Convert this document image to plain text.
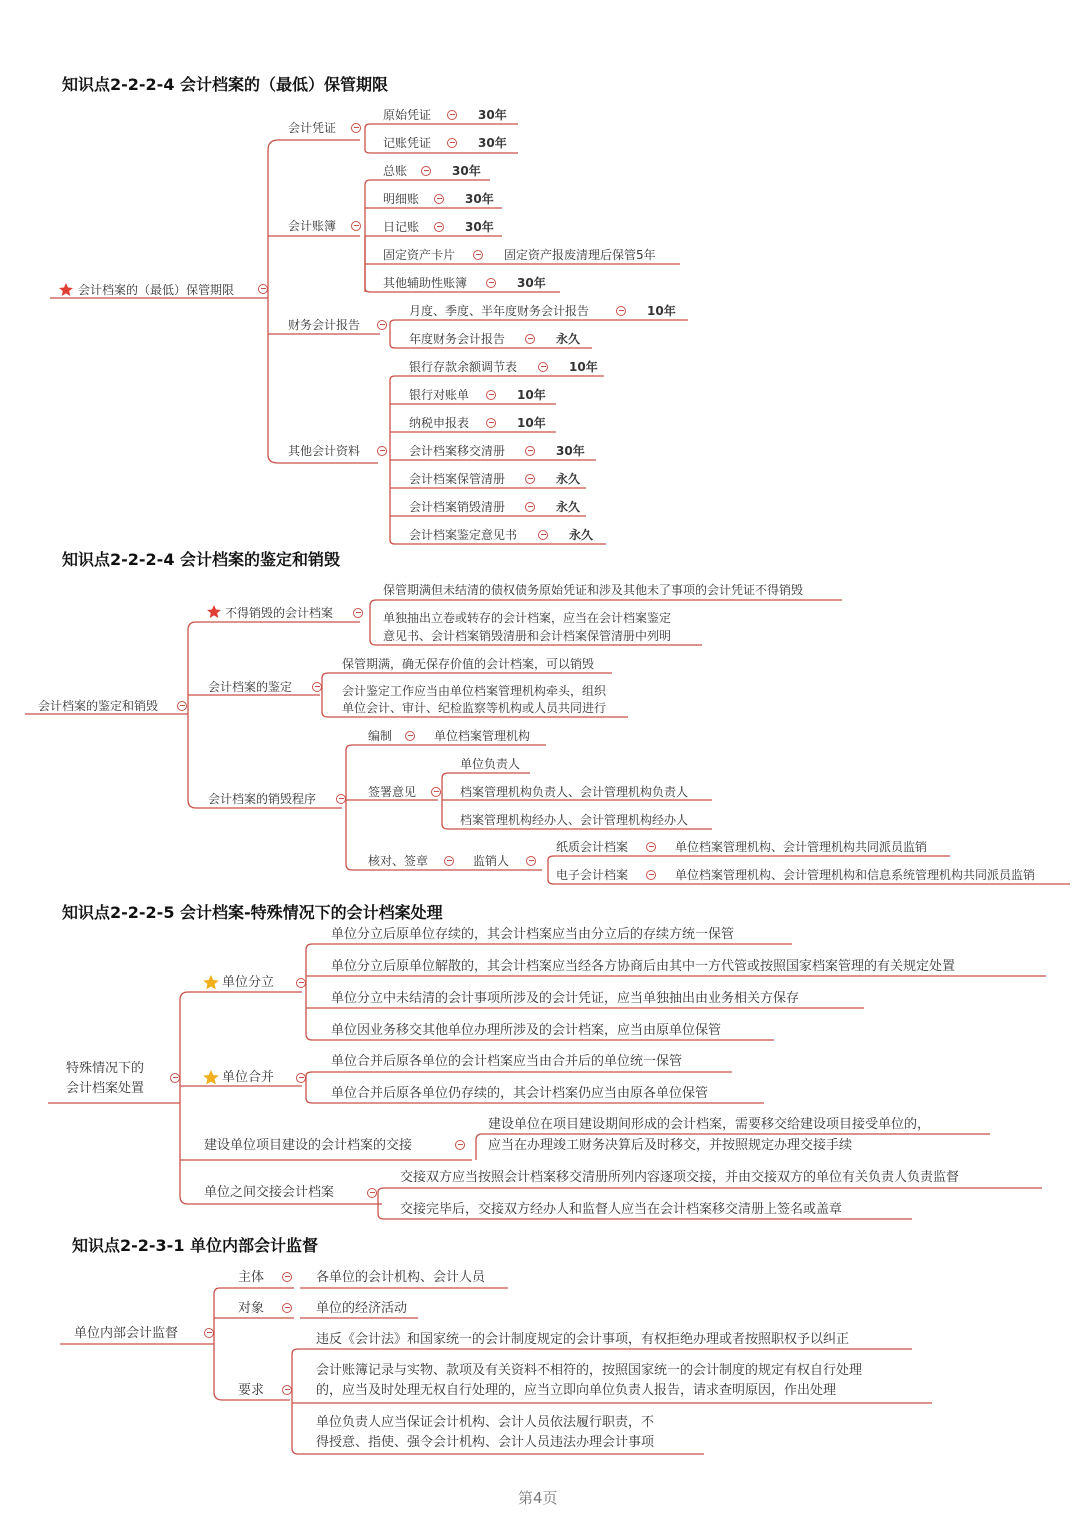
知识点2-2-2-4 会计档案的（最低）保管期限
会计档案的（最低）保管期限
会计凭证
原始凭证	30年
记账凭证	30年
会计账簿
总账	30年
明细账	30年
日记账	30年
固定资产卡片	固定资产报废清理后保管5年
其他辅助性账簿	30年
财务会计报告
月度、季度、半年度财务会计报告	10年
年度财务会计报告	永久
其他会计资料
银行存款余额调节表	10年
银行对账单	10年
纳税申报表	10年
会计档案移交清册	30年
会计档案保管清册	永久
会计档案销毁清册	永久
会计档案鉴定意见书	永久
知识点2-2-2-4 会计档案的鉴定和销毁
会计档案的鉴定和销毁
不得销毁的会计档案
保管期满但未结清的债权债务原始凭证和涉及其他未了事项的会计凭证不得销毁
单独抽出立卷或转存的会计档案，应当在会计档案鉴定
意见书、会计档案销毁清册和会计档案保管清册中列明
会计档案的鉴定
保管期满，确无保存价值的会计档案，可以销毁
会计鉴定工作应当由单位档案管理机构牵头，组织
单位会计、审计、纪检监察等机构或人员共同进行
会计档案的销毁程序
编制	单位档案管理机构
签署意见
单位负责人
档案管理机构负责人、会计管理机构负责人
档案管理机构经办人、会计管理机构经办人
核对、签章	监销人
纸质会计档案	单位档案管理机构、会计管理机构共同派员监销
电子会计档案	单位档案管理机构、会计管理机构和信息系统管理机构共同派员监销
知识点2-2-2-5 会计档案-特殊情况下的会计档案处理
特殊情况下的
会计档案处置
单位分立
单位分立后原单位存续的，其会计档案应当由分立后的存续方统一保管
单位分立后原单位解散的，其会计档案应当经各方协商后由其中一方代管或按照国家档案管理的有关规定处置
单位分立中未结清的会计事项所涉及的会计凭证，应当单独抽出由业务相关方保存
单位因业务移交其他单位办理所涉及的会计档案，应当由原单位保管
单位合并
单位合并后原各单位的会计档案应当由合并后的单位统一保管
单位合并后原各单位仍存续的，其会计档案仍应当由原各单位保管
建设单位项目建设的会计档案的交接
建设单位在项目建设期间形成的会计档案，需要移交给建设项目接受单位的，
应当在办理竣工财务决算后及时移交，并按照规定办理交接手续
单位之间交接会计档案
交接双方应当按照会计档案移交清册所列内容逐项交接，并由交接双方的单位有关负责人负责监督
交接完毕后，交接双方经办人和监督人应当在会计档案移交清册上签名或盖章
知识点2-2-3-1 单位内部会计监督
单位内部会计监督
主体	各单位的会计机构、会计人员
对象	单位的经济活动
要求
违反《会计法》和国家统一的会计制度规定的会计事项，有权拒绝办理或者按照职权予以纠正
会计账簿记录与实物、款项及有关资料不相符的，按照国家统一的会计制度的规定有权自行处理
的，应当及时处理无权自行处理的，应当立即向单位负责人报告，请求查明原因，作出处理
单位负责人应当保证会计机构、会计人员依法履行职责，不
得授意、指使、强令会计机构、会计人员违法办理会计事项
第4页
